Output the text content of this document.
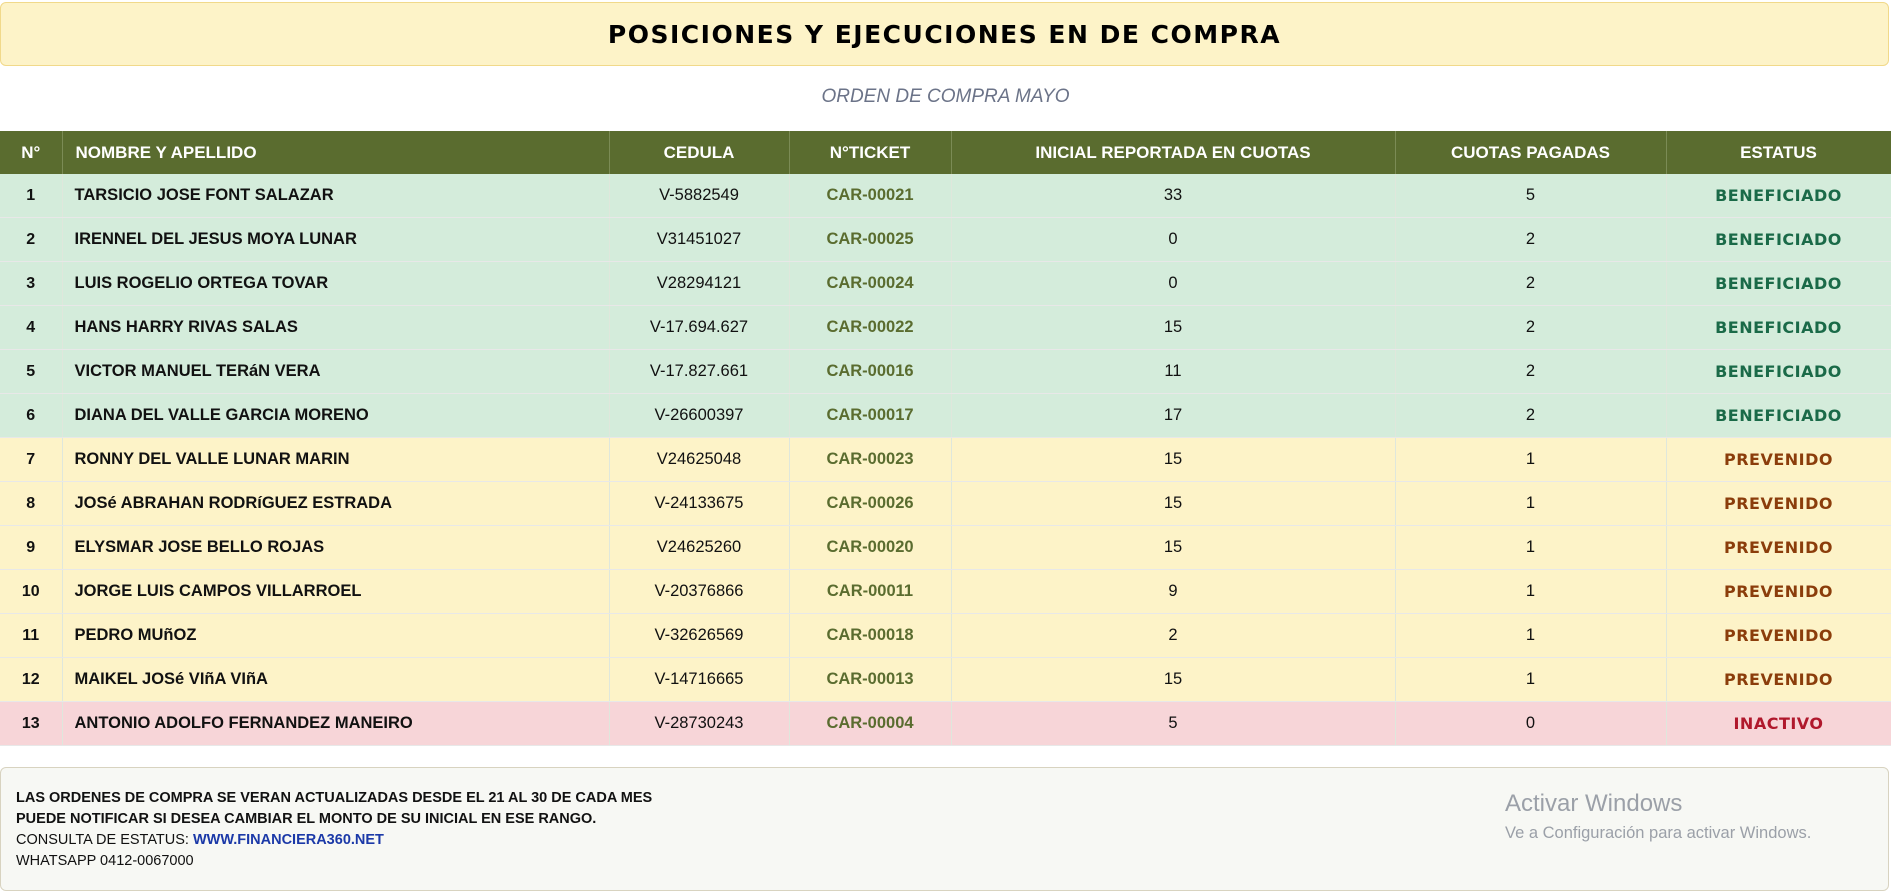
POSICIONES Y EJECUCIONES EN DE COMPRA
ORDEN DE COMPRA MAYO
N°	NOMBRE Y APELLIDO	CEDULA	N°TICKET	INICIAL REPORTADA EN CUOTAS	CUOTAS PAGADAS	ESTATUS
1	TARSICIO JOSE FONT SALAZAR	V-5882549	CAR-00021	33	5	BENEFICIADO
2	IRENNEL DEL JESUS MOYA LUNAR	V31451027	CAR-00025	0	2	BENEFICIADO
3	LUIS ROGELIO ORTEGA TOVAR	V28294121	CAR-00024	0	2	BENEFICIADO
4	HANS HARRY RIVAS SALAS	V-17.694.627	CAR-00022	15	2	BENEFICIADO
5	VICTOR MANUEL TERáN VERA	V-17.827.661	CAR-00016	11	2	BENEFICIADO
6	DIANA DEL VALLE GARCIA MORENO	V-26600397	CAR-00017	17	2	BENEFICIADO
7	RONNY DEL VALLE LUNAR MARIN	V24625048	CAR-00023	15	1	PREVENIDO
8	JOSé ABRAHAN RODRíGUEZ ESTRADA	V-24133675	CAR-00026	15	1	PREVENIDO
9	ELYSMAR JOSE BELLO ROJAS	V24625260	CAR-00020	15	1	PREVENIDO
10	JORGE LUIS CAMPOS VILLARROEL	V-20376866	CAR-00011	9	1	PREVENIDO
11	PEDRO MUñOZ	V-32626569	CAR-00018	2	1	PREVENIDO
12	MAIKEL JOSé VIñA VIñA	V-14716665	CAR-00013	15	1	PREVENIDO
13	ANTONIO ADOLFO FERNANDEZ MANEIRO	V-28730243	CAR-00004	5	0	INACTIVO
LAS ORDENES DE COMPRA SE VERAN ACTUALIZADAS DESDE EL 21 AL 30 DE CADA MES
PUEDE NOTIFICAR SI DESEA CAMBIAR EL MONTO DE SU INICIAL EN ESE RANGO.
CONSULTA DE ESTATUS: WWW.FINANCIERA360.NET
WHATSAPP 0412-0067000
Activar Windows
Ve a Configuración para activar Windows.
